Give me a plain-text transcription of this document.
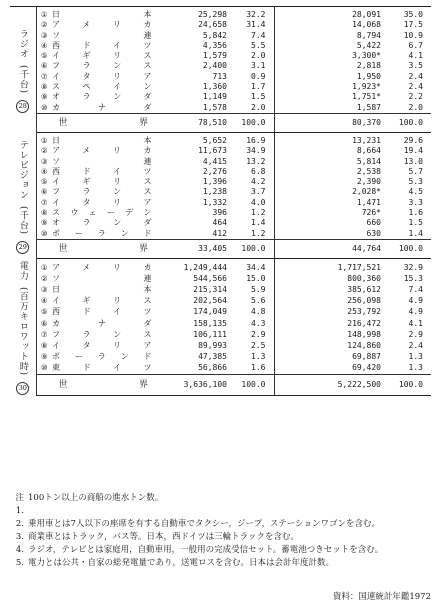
ラジオ
(千台)
28	①	日本	25,298	32.2	28,091	35.0
	②	アメリカ	24,658	31.4	14,068	17.5
	③	ソ連	5,842	7.4	8,794	10.9
	④	西ドイツ	4,356	5.5	5,422	6.7
	⑤	イギリス	1,579	2.0	3,300*	4.1
	⑥	フランス	2,400	3.1	2,818	3.5
	⑦	イタリア	713	0.9	1,950	2.4
	⑧	スペイン	1,360	1.7	1,923*	2.4
	⑨	オランダ	1,149	1.5	1,751*	2.2
	⑩	カナダ	1,578	2.0	1,587	2.0
	世界		78,510	100.0	80,370	100.0

テレビジョン
(千台)
29	①	日本	5,652	16.9	13,231	29.6
	②	アメリカ	11,673	34.9	8,664	19.4
	③	ソ連	4,415	13.2	5,814	13.0
	④	西ドイツ	2,276	6.8	2,538	5.7
	⑤	イギリス	1,396	4.2	2,390	5.3
	⑥	フランス	1,238	3.7	2,028*	4.5
	⑦	イタリア	1,332	4.0	1,471	3.3
	⑧	スウェーデン	396	1.2	726*	1.6
	⑨	オランダ	464	1.4	660	1.5
	⑩	ポーランド	412	1.2	630	1.4
	世界		33,405	100.0	44,764	100.0

電力
(百万キロワット時)
30	①	アメリカ	1,249,444	34.4	1,717,521	32.9
	②	ソ連	544,566	15.0	800,360	15.3
	③	日本	215,314	5.9	385,612	7.4
	④	イギリス	202,564	5.6	256,098	4.9
	⑤	西ドイツ	174,049	4.8	253,792	4.9
	⑥	カナダ	158,135	4.3	216,472	4.1
	⑦	フランス	106,111	2.9	148,998	2.9
	⑧	イタリア	89,993	2.5	124,860	2.4
	⑨	ポーランド	47,385	1.3	69,887	1.3
	⑩	東ドイツ	56,866	1.6	69,420	1.3
	世界		3,636,100	100.0	5,222,500	100.0
注1.
100トン以上の商船の進水トン数。
2. 乗用車とは7人以下の座席を有する自動車でタクシー，ジープ，ステーションワゴンを含む。
3. 商業車とはトラック，バス等。日本，西ドイツは三輪トラックを含む。
4. ラジオ，テレビとは家庭用，自動車用，一般用の完成受信セット。蓄電池つきセットを含む。
5. 電力とは公共・自家の総発電量であり，送電ロスを含む。日本は会計年度計数。
資料：国連統計年鑑1972
